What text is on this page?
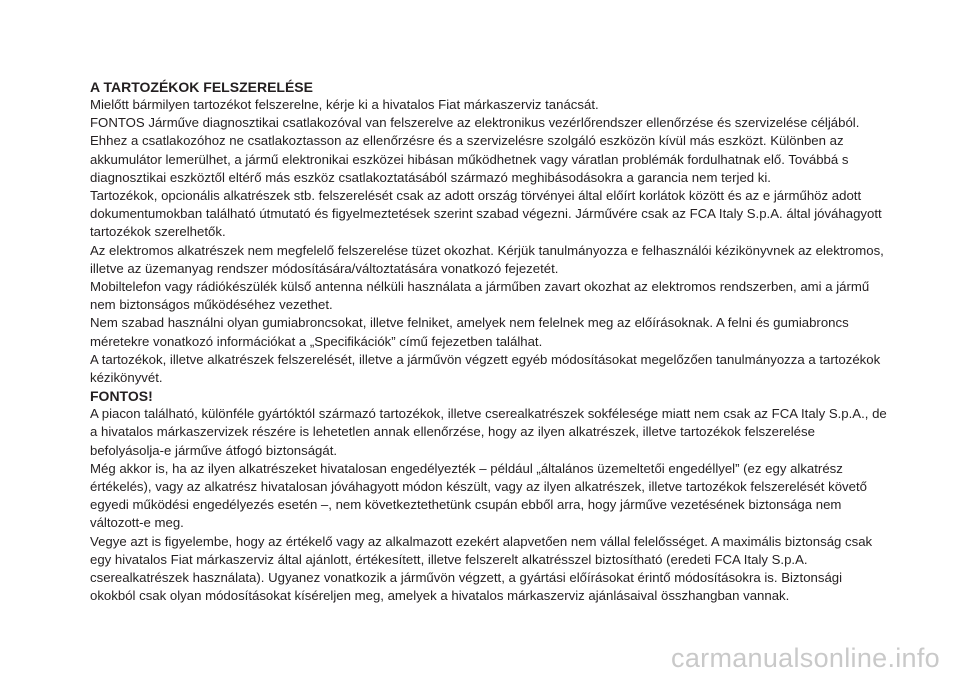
A TARTOZÉKOK FELSZERELÉSE

Mielőtt bármilyen tartozékot felszerelne, kérje ki a hivatalos Fiat márkaszerviz tanácsát.

FONTOS Járműve diagnosztikai csatlakozóval van felszerelve az elektronikus vezérlőrendszer ellenőrzése és szervizelése céljából. Ehhez a csatlakozóhoz ne csatlakoztasson az ellenőrzésre és a szervizelésre szolgáló eszközön kívül más eszközt. Különben az akkumulátor lemerülhet, a jármű elektronikai eszközei hibásan működhetnek vagy váratlan problémák fordulhatnak elő. Továbbá s diagnosztikai eszköztől eltérő más eszköz csatlakoztatásából származó meghibásodásokra a garancia nem terjed ki.

Tartozékok, opcionális alkatrészek stb. felszerelését csak az adott ország törvényei által előírt korlátok között és az e járműhöz adott dokumentumokban található útmutató és figyelmeztetések szerint szabad végezni. Járművére csak az FCA Italy S.p.A. által jóváhagyott tartozékok szerelhetők.

Az elektromos alkatrészek nem megfelelő felszerelése tüzet okozhat. Kérjük tanulmányozza e felhasználói kézikönyvnek az elektromos, illetve az üzemanyag rendszer módosítására/változtatására vonatkozó fejezetét.

Mobiltelefon vagy rádiókészülék külső antenna nélküli használata a járműben zavart okozhat az elektromos rendszerben, ami a jármű nem biztonságos működéséhez vezethet.

Nem szabad használni olyan gumiabroncsokat, illetve felniket, amelyek nem felelnek meg az előírásoknak. A felni és gumiabroncs méretekre vonatkozó információkat a „Specifikációk” című fejezetben találhat.

A tartozékok, illetve alkatrészek felszerelését, illetve a járművön végzett egyéb módosításokat megelőzően tanulmányozza a tartozékok kézikönyvét.

FONTOS!

A piacon található, különféle gyártóktól származó tartozékok, illetve cserealkatrészek sokfélesége miatt nem csak az FCA Italy S.p.A., de a hivatalos márkaszervizek részére is lehetetlen annak ellenőrzése, hogy az ilyen alkatrészek, illetve tartozékok felszerelése befolyásolja-e járműve átfogó biztonságát.

Még akkor is, ha az ilyen alkatrészeket hivatalosan engedélyezték – például „általános üzemeltetői engedéllyel” (ez egy alkatrész értékelés), vagy az alkatrész hivatalosan jóváhagyott módon készült, vagy az ilyen alkatrészek, illetve tartozékok felszerelését követő egyedi működési engedélyezés esetén –, nem következtethetünk csupán ebből arra, hogy járműve vezetésének biztonsága nem változott-e meg.

Vegye azt is figyelembe, hogy az értékelő vagy az alkalmazott ezekért alapvetően nem vállal felelősséget. A maximális biztonság csak egy hivatalos Fiat márkaszerviz által ajánlott, értékesített, illetve felszerelt alkatrésszel biztosítható (eredeti FCA Italy S.p.A. cserealkatrészek használata). Ugyanez vonatkozik a járművön végzett, a gyártási előírásokat érintő módosításokra is. Biztonsági okokból csak olyan módosításokat kíséreljen meg, amelyek a hivatalos márkaszerviz ajánlásaival összhangban vannak.

carmanualsonline.info
